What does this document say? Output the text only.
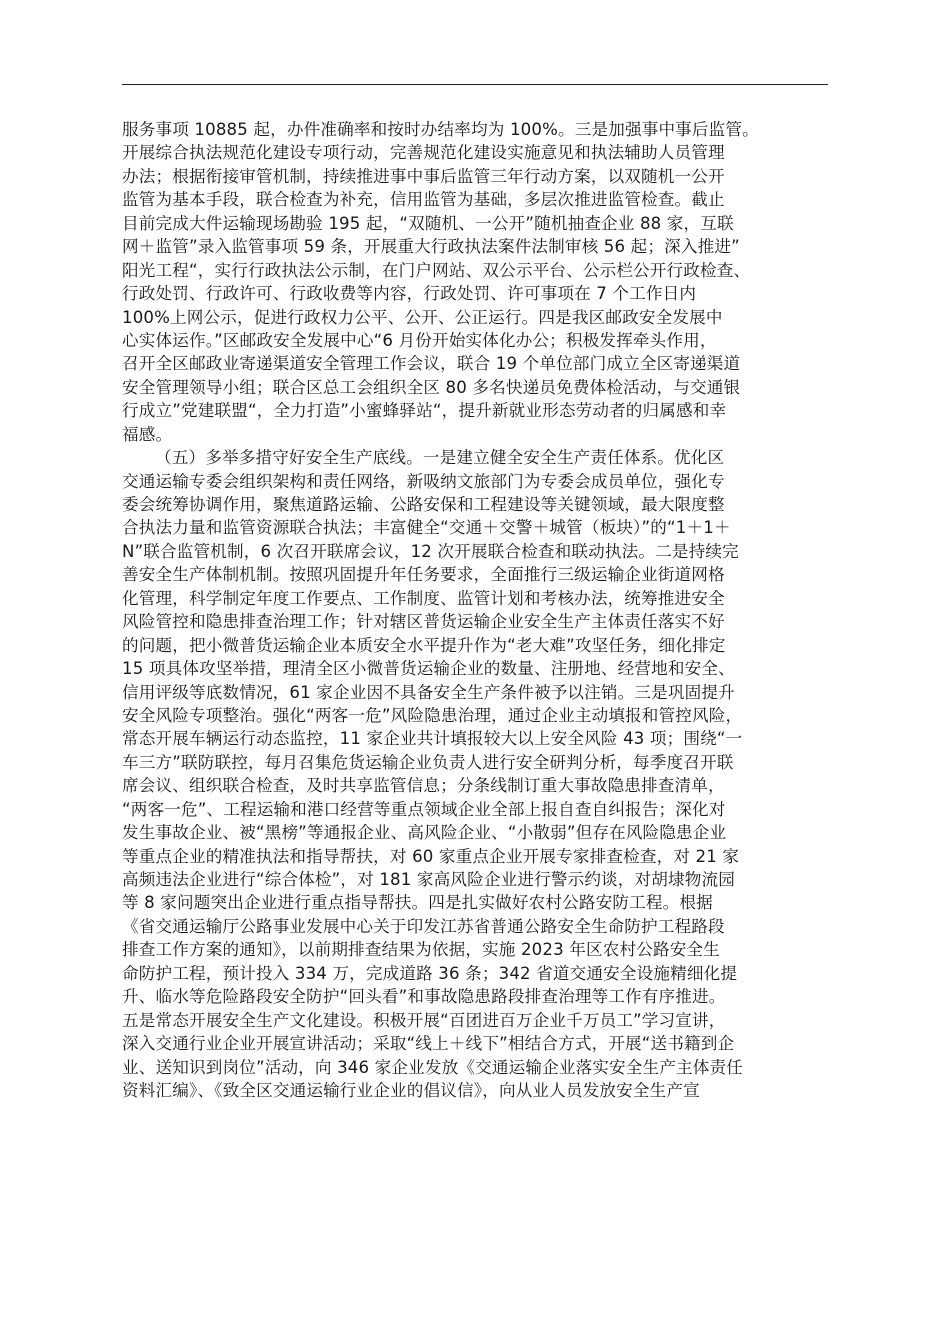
服务事项 10885 起，办件准确率和按时办结率均为 100%。三是加强事中事后监管。
开展综合执法规范化建设专项行动，完善规范化建设实施意见和执法辅助人员管理
办法；根据衔接审管机制，持续推进事中事后监管三年行动方案，以双随机一公开
监管为基本手段，联合检查为补充，信用监管为基础，多层次推进监管检查。截止
目前完成大件运输现场勘验 195 起，“双随机、一公开”随机抽查企业 88 家，互联
网＋监管”录入监管事项 59 条，开展重大行政执法案件法制审核 56 起；深入推进”
阳光工程“，实行行政执法公示制，在门户网站、双公示平台、公示栏公开行政检查、
行政处罚、行政许可、行政收费等内容，行政处罚、许可事项在 7 个工作日内
100%上网公示，促进行政权力公平、公开、公正运行。四是我区邮政安全发展中
心实体运作。”区邮政安全发展中心“6 月份开始实体化办公；积极发挥牵头作用，
召开全区邮政业寄递渠道安全管理工作会议，联合 19 个单位部门成立全区寄递渠道
安全管理领导小组；联合区总工会组织全区 80 多名快递员免费体检活动，与交通银
行成立”党建联盟“，全力打造”小蜜蜂驿站“，提升新就业形态劳动者的归属感和幸
福感。
（五）多举多措守好安全生产底线。一是建立健全安全生产责任体系。优化区
交通运输专委会组织架构和责任网络，新吸纳文旅部门为专委会成员单位，强化专
委会统筹协调作用，聚焦道路运输、公路安保和工程建设等关键领域，最大限度整
合执法力量和监管资源联合执法；丰富健全“交通＋交警＋城管（板块）”的“1＋1＋
N”联合监管机制，6 次召开联席会议，12 次开展联合检查和联动执法。二是持续完
善安全生产体制机制。按照巩固提升年任务要求，全面推行三级运输企业街道网格
化管理，科学制定年度工作要点、工作制度、监管计划和考核办法，统筹推进安全
风险管控和隐患排查治理工作；针对辖区普货运输企业安全生产主体责任落实不好
的问题，把小微普货运输企业本质安全水平提升作为“老大难”攻坚任务，细化排定
15 项具体攻坚举措，理清全区小微普货运输企业的数量、注册地、经营地和安全、
信用评级等底数情况，61 家企业因不具备安全生产条件被予以注销。三是巩固提升
安全风险专项整治。强化“两客一危”风险隐患治理，通过企业主动填报和管控风险，
常态开展车辆运行动态监控，11 家企业共计填报较大以上安全风险 43 项；围绕“一
车三方”联防联控，每月召集危货运输企业负责人进行安全研判分析，每季度召开联
席会议、组织联合检查，及时共享监管信息；分条线制订重大事故隐患排查清单，
“两客一危”、工程运输和港口经营等重点领域企业全部上报自查自纠报告；深化对
发生事故企业、被“黑榜”等通报企业、高风险企业、“小散弱”但存在风险隐患企业
等重点企业的精准执法和指导帮扶，对 60 家重点企业开展专家排查检查，对 21 家
高频违法企业进行“综合体检”，对 181 家高风险企业进行警示约谈，对胡埭物流园
等 8 家问题突出企业进行重点指导帮扶。四是扎实做好农村公路安防工程。根据
《省交通运输厅公路事业发展中心关于印发江苏省普通公路安全生命防护工程路段
排查工作方案的通知》，以前期排查结果为依据，实施 2023 年区农村公路安全生
命防护工程，预计投入 334 万，完成道路 36 条；342 省道交通安全设施精细化提
升、临水等危险路段安全防护“回头看”和事故隐患路段排查治理等工作有序推进。
五是常态开展安全生产文化建设。积极开展“百团进百万企业千万员工”学习宣讲，
深入交通行业企业开展宣讲活动；采取“线上＋线下”相结合方式，开展“送书籍到企
业、送知识到岗位”活动，向 346 家企业发放《交通运输企业落实安全生产主体责任
资料汇编》、《致全区交通运输行业企业的倡议信》，向从业人员发放安全生产宣
